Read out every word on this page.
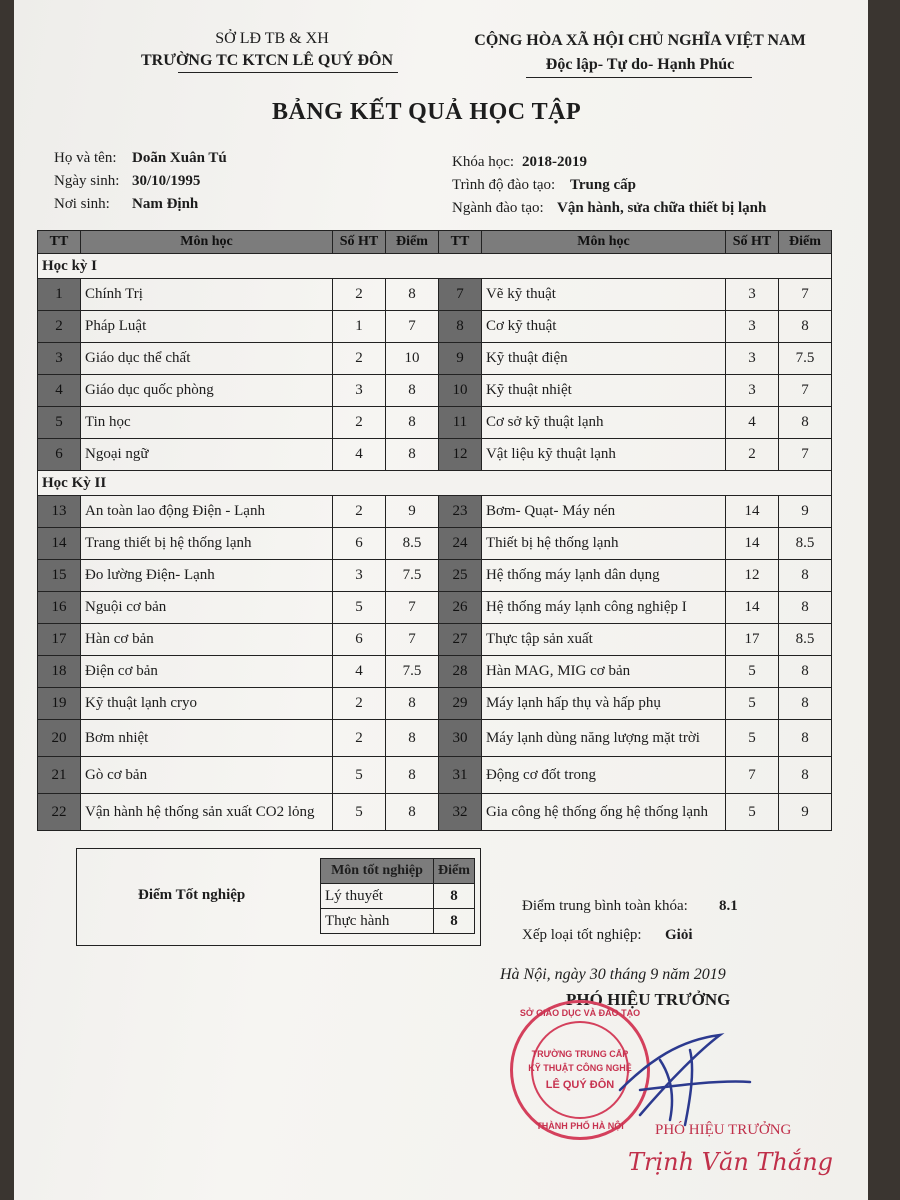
SỞ LĐ TB & XH
TRƯỜNG TC KTCN LÊ QUÝ ĐÔN
CỘNG HÒA XÃ HỘI CHỦ NGHĨA VIỆT NAM
Độc lập- Tự do- Hạnh Phúc
BẢNG KẾT QUẢ HỌC TẬP
Họ và tên: Doãn Xuân Tú
Ngày sinh: 30/10/1995
Nơi sinh: Nam Định
Khóa học: 2018-2019
Trình độ đào tạo: Trung cấp
Ngành đào tạo: Vận hành, sửa chữa thiết bị lạnh
TT	Môn học	Số HT	Điểm	TT	Môn học	Số HT	Điểm
Học kỳ I							
1	Chính Trị	2	8	7	Vẽ kỹ thuật	3	7
2	Pháp Luật	1	7	8	Cơ kỹ thuật	3	8
3	Giáo dục thể chất	2	10	9	Kỹ thuật điện	3	7.5
4	Giáo dục quốc phòng	3	8	10	Kỹ thuật nhiệt	3	7
5	Tin học	2	8	11	Cơ sở kỹ thuật lạnh	4	8
6	Ngoại ngữ	4	8	12	Vật liệu kỹ thuật lạnh	2	7
Học Kỳ II							
13	An toàn lao động Điện - Lạnh	2	9	23	Bơm- Quạt- Máy nén	14	9
14	Trang thiết bị hệ thống lạnh	6	8.5	24	Thiết bị hệ thống lạnh	14	8.5
15	Đo lường Điện- Lạnh	3	7.5	25	Hệ thống máy lạnh dân dụng	12	8
16	Nguội cơ bản	5	7	26	Hệ thống máy lạnh công nghiệp I	14	8
17	Hàn cơ bản	6	7	27	Thực tập sản xuất	17	8.5
18	Điện cơ bản	4	7.5	28	Hàn MAG, MIG cơ bản	5	8
19	Kỹ thuật lạnh cryo	2	8	29	Máy lạnh hấp thụ và hấp phụ	5	8
20	Bơm nhiệt	2	8	30	Máy lạnh dùng năng lượng mặt trời	5	8
21	Gò cơ bản	5	8	31	Động cơ đốt trong	7	8
22	Vận hành hệ thống sản xuất CO2 lỏng	5	8	32	Gia công hệ thống ống hệ thống lạnh	5	9
Điểm Tốt nghiệp
Môn tốt nghiệp	Điểm
Lý thuyết	8
Thực hành	8
Điểm trung bình toàn khóa: 8.1
Xếp loại tốt nghiệp: Giỏi
Hà Nội, ngày 30 tháng 9 năm 2019
PHÓ HIỆU TRƯỞNG
SỞ GIÁO DỤC VÀ ĐÀO TẠO
TRƯỜNG TRUNG CẤP
KỸ THUẬT CÔNG NGHỆ
LÊ QUÝ ĐÔN
THÀNH PHỐ HÀ NỘI	PHÓ HIỆU TRƯỞNG
Trịnh Văn Thắng
